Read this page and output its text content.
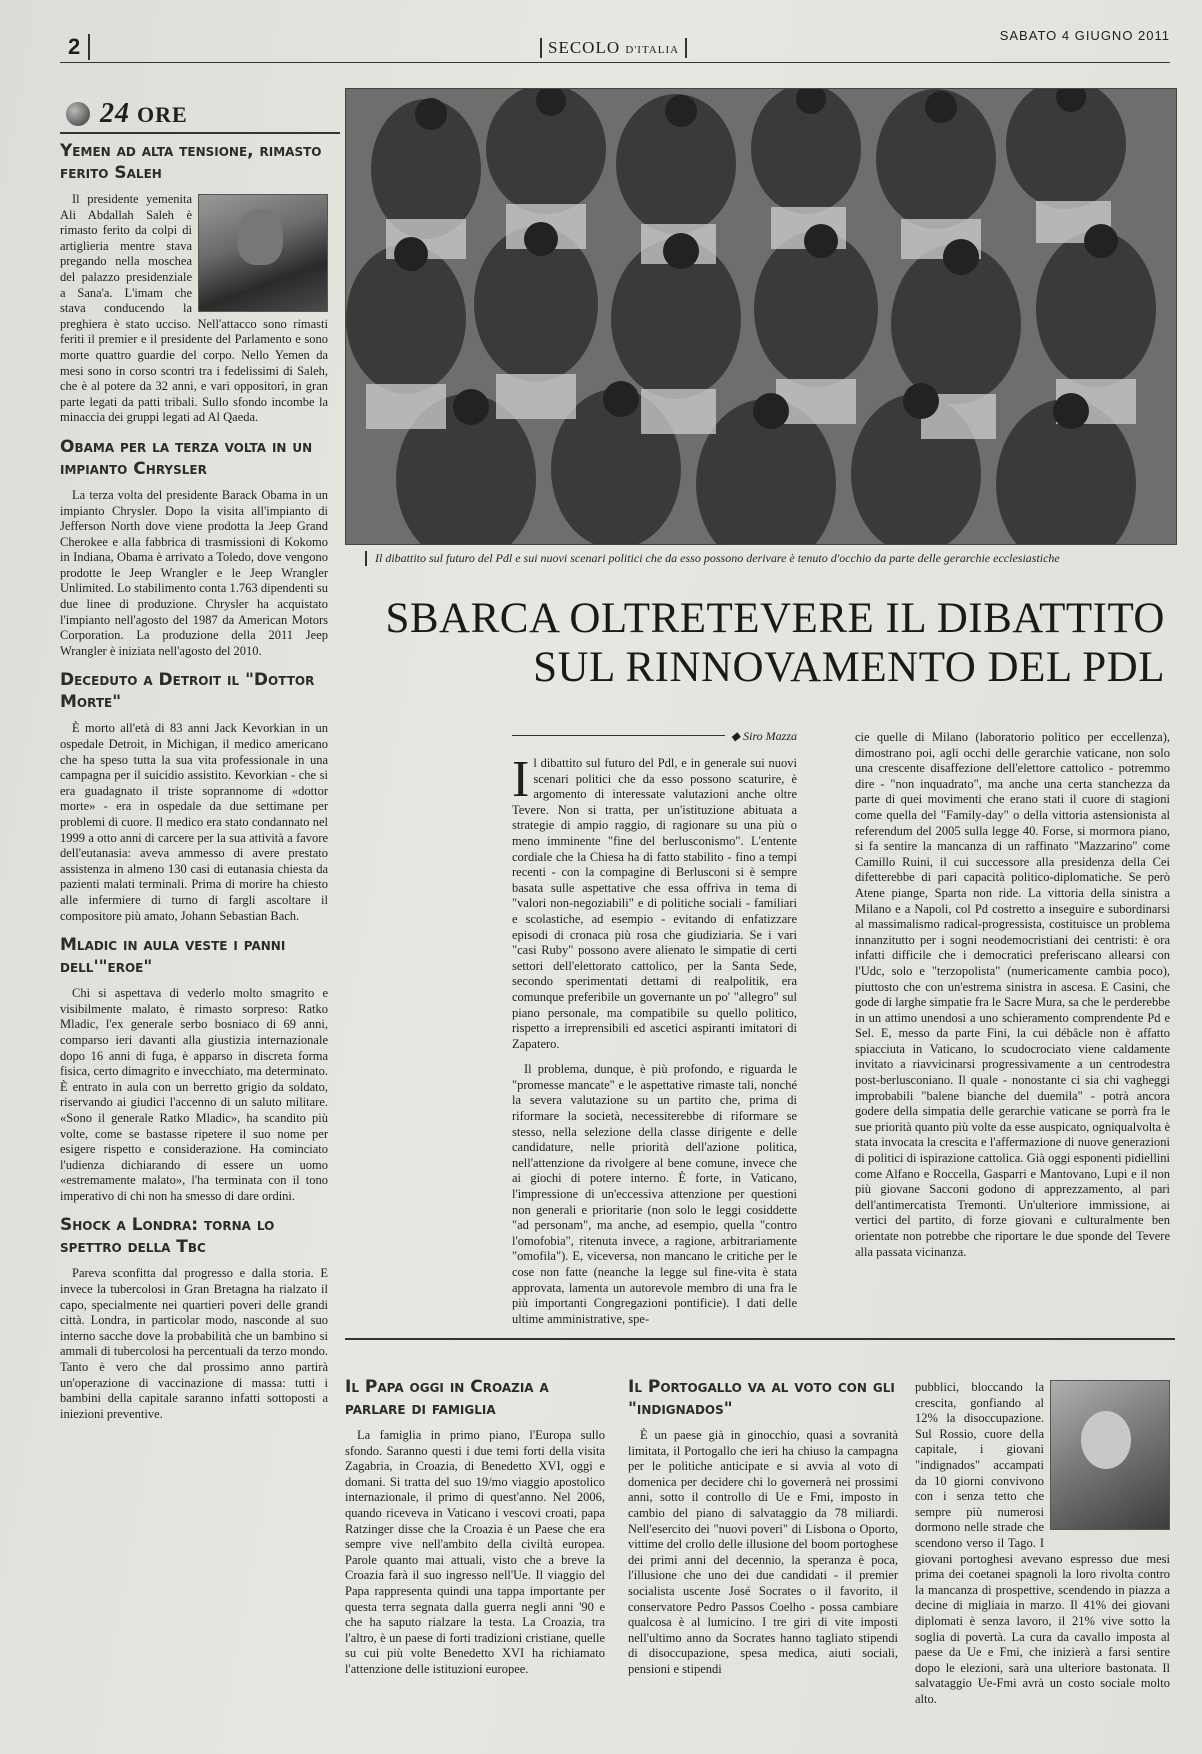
2	SECOLO D'ITALIA
SABATO 4 GIUGNO 2011
24 ORE
Yemen ad alta tensione, rimasto ferito Saleh

Il presidente yemenita Ali Abdallah Saleh è rimasto ferito da colpi di artiglieria mentre stava pregando nella moschea del palazzo presidenziale a Sana'a. L'imam che stava conducendo la preghiera è stato ucciso. Nell'attacco sono rimasti feriti il premier e il presidente del Parlamento e sono morte quattro guardie del corpo. Nello Yemen da mesi sono in corso scontri tra i fedelissimi di Saleh, che è al potere da 32 anni, e vari oppositori, in gran parte legati da patti tribali. Sullo sfondo incombe la minaccia dei gruppi legati ad Al Qaeda.

Obama per la terza volta in un impianto Chrysler

La terza volta del presidente Barack Obama in un impianto Chrysler. Dopo la visita all'impianto di Jefferson North dove viene prodotta la Jeep Grand Cherokee e alla fabbrica di trasmissioni di Kokomo in Indiana, Obama è arrivato a Toledo, dove vengono prodotte le Jeep Wrangler e le Jeep Wrangler Unlimited. Lo stabilimento conta 1.763 dipendenti su due linee di produzione. Chrysler ha acquistato l'impianto nell'agosto del 1987 da American Motors Corporation. La produzione della 2011 Jeep Wrangler è iniziata nell'agosto del 2010.

Deceduto a Detroit il "Dottor Morte"

È morto all'età di 83 anni Jack Kevorkian in un ospedale Detroit, in Michigan, il medico americano che ha speso tutta la sua vita professionale in una campagna per il suicidio assistito. Kevorkian - che si era guadagnato il triste soprannome di «dottor morte» - era in ospedale da due settimane per problemi di cuore. Il medico era stato condannato nel 1999 a otto anni di carcere per la sua attività a favore dell'eutanasia: aveva ammesso di avere prestato assistenza in almeno 130 casi di eutanasia chiesta da pazienti malati terminali. Prima di morire ha chiesto alle infermiere di turno di fargli ascoltare il compositore più amato, Johann Sebastian Bach.

Mladic in aula veste i panni dell'"eroe"

Chi si aspettava di vederlo molto smagrito e visibilmente malato, è rimasto sorpreso: Ratko Mladic, l'ex generale serbo bosniaco di 69 anni, comparso ieri davanti alla giustizia internazionale dopo 16 anni di fuga, è apparso in discreta forma fisica, certo dimagrito e invecchiato, ma determinato. È entrato in aula con un berretto grigio da soldato, riservando ai giudici l'accenno di un saluto militare. «Sono il generale Ratko Mladic», ha scandito più volte, come se bastasse ripetere il suo nome per esigere rispetto e considerazione. Ha cominciato l'udienza dichiarando di essere un uomo «estremamente malato», l'ha terminata con il tono imperativo di chi non ha smesso di dare ordini.

Shock a Londra: torna lo spettro della Tbc

Pareva sconfitta dal progresso e dalla storia. E invece la tubercolosi in Gran Bretagna ha rialzato il capo, specialmente nei quartieri poveri delle grandi città. Londra, in particolar modo, nasconde al suo interno sacche dove la probabilità che un bambino si ammali di tubercolosi ha percentuali da terzo mondo. Tanto è vero che dal prossimo anno partirà un'operazione di vaccinazione di massa: tutti i bambini della capitale saranno infatti sottoposti a iniezioni preventive.

Il dibattito sul futuro del Pdl e sui nuovi scenari politici che da esso possono derivare è tenuto d'occhio da parte delle gerarchie ecclesiastiche
SBARCA OLTRETEVERE IL DIBATTITO
SUL RINNOVAMENTO DEL PDL
◆ Siro Mazza

Il dibattito sul futuro del Pdl, e in generale sui nuovi scenari politici che da esso possono scaturire, è argomento di interessate valutazioni anche oltre Tevere. Non si tratta, per un'istituzione abituata a strategie di ampio raggio, di ragionare su una più o meno imminente "fine del berlusconismo". L'entente cordiale che la Chiesa ha di fatto stabilito - fino a tempi recenti - con la compagine di Berlusconi si è sempre basata sulle aspettative che essa offriva in tema di "valori non-negoziabili" e di politiche sociali - familiari e scolastiche, ad esempio - evitando di enfatizzare episodi di cronaca più rosa che giudiziaria. Se i vari "casi Ruby" possono avere alienato le simpatie di certi settori dell'elettorato cattolico, per la Santa Sede, secondo sperimentati dettami di realpolitik, era comunque preferibile un governante un po' "allegro" sul piano personale, ma compatibile su quello politico, rispetto a irreprensibili ed ascetici aspiranti imitatori di Zapatero.

Il problema, dunque, è più profondo, e riguarda le "promesse mancate" e le aspettative rimaste tali, nonché la severa valutazione su un partito che, prima di riformare la società, necessiterebbe di riformare se stesso, nella selezione della classe dirigente e delle candidature, nelle priorità dell'azione politica, nell'attenzione da rivolgere al bene comune, invece che ai giochi di potere interno. È forte, in Vaticano, l'impressione di un'eccessiva attenzione per questioni non generali e prioritarie (non solo le leggi cosiddette "ad personam", ma anche, ad esempio, quella "contro l'omofobia", ritenuta invece, a ragione, arbitrariamente "omofila"). E, viceversa, non mancano le critiche per le cose non fatte (neanche la legge sul fine-vita è stata approvata, lamenta un autorevole membro di una fra le più importanti Congregazioni pontificie). I dati delle ultime amministrative, spe-

cie quelle di Milano (laboratorio politico per eccellenza), dimostrano poi, agli occhi delle gerarchie vaticane, non solo una crescente disaffezione dell'elettore cattolico - potremmo dire - "non inquadrato", ma anche una certa stanchezza da parte di quei movimenti che erano stati il cuore di stagioni come quella del "Family-day" o della vittoria astensionista al referendum del 2005 sulla legge 40. Forse, si mormora piano, si fa sentire la mancanza di un raffinato "Mazzarino" come Camillo Ruini, il cui successore alla presidenza della Cei difetterebbe di pari capacità politico-diplomatiche. Se però Atene piange, Sparta non ride. La vittoria della sinistra a Milano e a Napoli, col Pd costretto a inseguire e subordinarsi al massimalismo radical-progressista, costituisce un problema innanzitutto per i sogni neodemocristiani dei centristi: è ora infatti difficile che i democratici preferiscano allearsi con l'Udc, solo e "terzopolista" (numericamente cambia poco), piuttosto che con un'estrema sinistra in ascesa. E Casini, che gode di larghe simpatie fra le Sacre Mura, sa che le perderebbe in un attimo unendosi a uno schieramento comprendente Pd e Sel. E, messo da parte Fini, la cui débâcle non è affatto spiacciuta in Vaticano, lo scudocrociato viene caldamente invitato a riavvicinarsi progressivamente a un centrodestra post-berlusconiano. Il quale - nonostante ci sia chi vagheggi improbabili "balene bianche del duemila" - potrà ancora godere della simpatia delle gerarchie vaticane se porrà fra le sue priorità quanto più volte da esse auspicato, ogniqualvolta è stata invocata la crescita e l'affermazione di nuove generazioni di politici di ispirazione cattolica. Già oggi esponenti pidiellini come Alfano e Roccella, Gasparri e Mantovano, Lupi e il non più giovane Sacconi godono di apprezzamento, al pari dell'antimercatista Tremonti. Un'ulteriore immissione, ai vertici del partito, di forze giovani e culturalmente ben orientate non potrebbe che riportare le due sponde del Tevere alla passata vicinanza.

Il Papa oggi in Croazia a parlare di famiglia

La famiglia in primo piano, l'Europa sullo sfondo. Saranno questi i due temi forti della visita Zagabria, in Croazia, di Benedetto XVI, oggi e domani. Si tratta del suo 19/mo viaggio apostolico internazionale, il primo di quest'anno. Nel 2006, quando riceveva in Vaticano i vescovi croati, papa Ratzinger disse che la Croazia è un Paese che era sempre vive nell'ambito della civiltà europea. Parole quanto mai attuali, visto che a breve la Croazia farà il suo ingresso nell'Ue. Il viaggio del Papa rappresenta quindi una tappa importante per questa terra segnata dalla guerra negli anni '90 e che ha saputo rialzare la testa. La Croazia, tra l'altro, è un paese di forti tradizioni cristiane, quelle su cui più volte Benedetto XVI ha richiamato l'attenzione delle istituzioni europee.

Il Portogallo va al voto con gli "indignados"

È un paese già in ginocchio, quasi a sovranità limitata, il Portogallo che ieri ha chiuso la campagna per le politiche anticipate e si avvia al voto di domenica per decidere chi lo governerà nei prossimi anni, sotto il controllo di Ue e Fmi, imposto in cambio del piano di salvataggio da 78 miliardi. Nell'esercito dei "nuovi poveri" di Lisbona o Oporto, vittime del crollo delle illusione del boom portoghese dei primi anni del decennio, la speranza è poca, l'illusione che uno dei due candidati - il premier socialista uscente José Socrates o il favorito, il conservatore Pedro Passos Coelho - possa cambiare qualcosa è al lumicino. I tre giri di vite imposti nell'ultimo anno da Socrates hanno tagliato stipendi di disoccupazione, spesa medica, aiuti sociali, pensioni e stipendi

pubblici, bloccando la crescita, gonfiando al 12% la disoccupazione. Sul Rossio, cuore della capitale, i giovani "indignados" accampati da 10 giorni convivono con i senza tetto che sempre più numerosi dormono nelle strade che scendono verso il Tago. I giovani portoghesi avevano espresso due mesi prima dei coetanei spagnoli la loro rivolta contro la mancanza di prospettive, scendendo in piazza a decine di migliaia in marzo. Il 41% dei giovani diplomati è senza lavoro, il 21% vive sotto la soglia di povertà. La cura da cavallo imposta al paese da Ue e Fmi, che inizierà a farsi sentire dopo le elezioni, sarà una ulteriore bastonata. Il salvataggio Ue-Fmi avrà un costo sociale molto alto.
